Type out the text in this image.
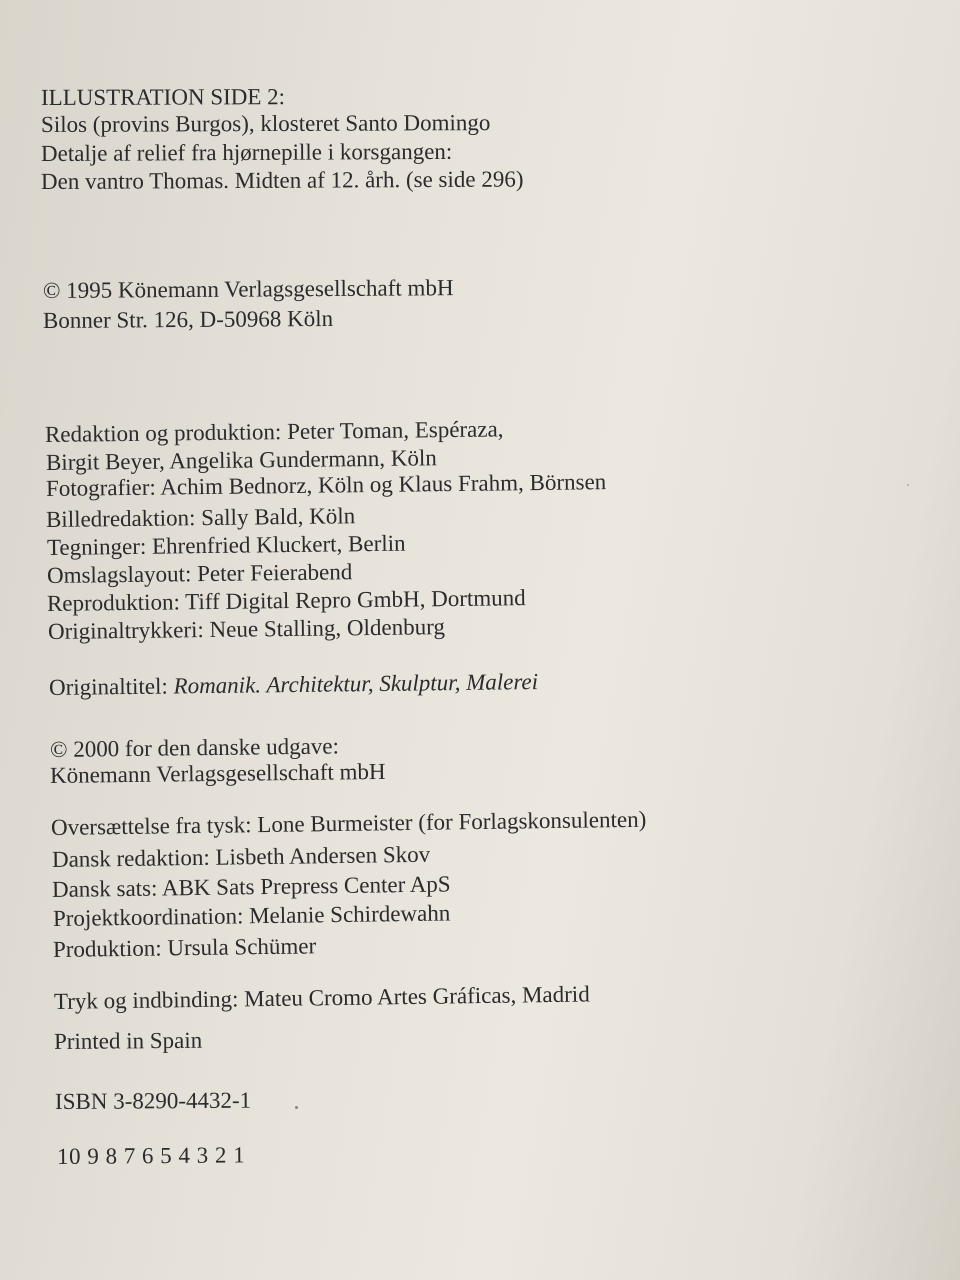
ILLUSTRATION SIDE 2:
Silos (provins Burgos), klosteret Santo Domingo
Detalje af relief fra hjørnepille i korsgangen:
Den vantro Thomas. Midten af 12. årh. (se side 296)
© 1995 Könemann Verlagsgesellschaft mbH
Bonner Str. 126, D-50968 Köln
Redaktion og produktion: Peter Toman, Espéraza,
Birgit Beyer, Angelika Gundermann, Köln
Fotografier: Achim Bednorz, Köln og Klaus Frahm, Börnsen
Billedredaktion: Sally Bald, Köln
Tegninger: Ehrenfried Kluckert, Berlin
Omslagslayout: Peter Feierabend
Reproduktion: Tiff Digital Repro GmbH, Dortmund
Originaltrykkeri: Neue Stalling, Oldenburg
Originaltitel: Romanik. Architektur, Skulptur, Malerei
© 2000 for den danske udgave:
Könemann Verlagsgesellschaft mbH
Oversættelse fra tysk: Lone Burmeister (for Forlagskonsulenten)
Dansk redaktion: Lisbeth Andersen Skov
Dansk sats: ABK Sats Prepress Center ApS
Projektkoordination: Melanie Schirdewahn
Produktion: Ursula Schümer
Tryk og indbinding: Mateu Cromo Artes Gráficas, Madrid
Printed in Spain
ISBN 3-8290-4432-1
10 9 8 7 6 5 4 3 2 1
